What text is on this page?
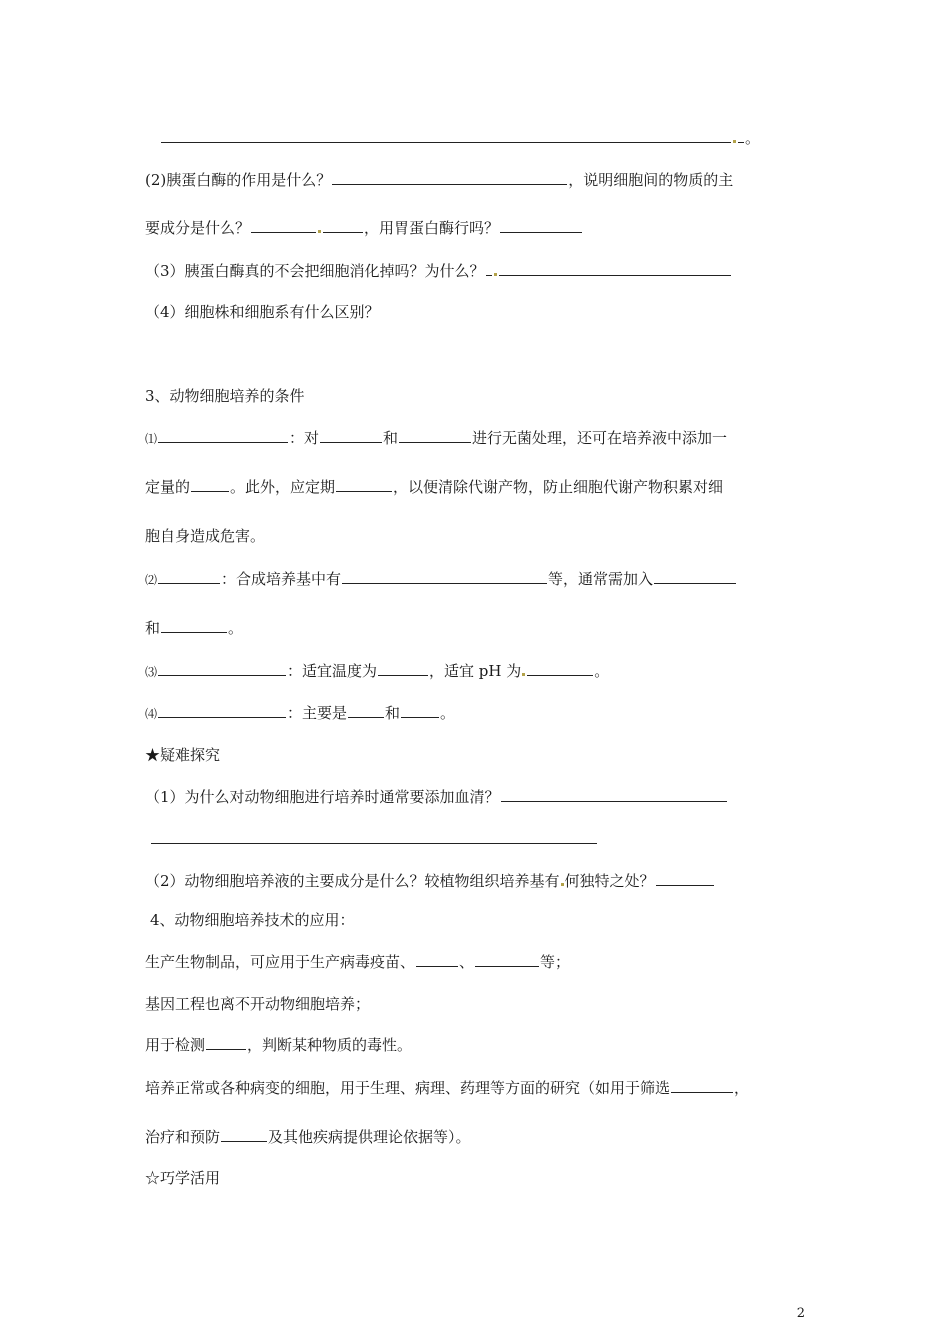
。
(2)胰蛋白酶的作用是什么？	，说明细胞间的物质的主
要成分是什么？	，用胃蛋白酶行吗？
（3）胰蛋白酶真的不会把细胞消化掉吗？为什么？
（4）细胞株和细胞系有什么区别？
3、动物细胞培养的条件
⑴	：对	和	进行无菌处理，还可在培养液中添加一
定量的	。此外，应定期	，以便清除代谢产物，防止细胞代谢产物积累对细
胞自身造成危害。
⑵	：合成培养基中有	等，通常需加入
和	。
⑶	：适宜温度为	，适宜 pH 为	。
⑷	：主要是	和	。
★疑难探究
（1）为什么对动物细胞进行培养时通常要添加血清？
（2）动物细胞培养液的主要成分是什么？较植物组织培养基有 何独特之处？
4、动物细胞培养技术的应用：
生产生物制品，可应用于生产病毒疫苗、	、	等；
基因工程也离不开动物细胞培养；
用于检测	，判断某种物质的毒性。
培养正常或各种病变的细胞，用于生理、病理、药理等方面的研究（如用于筛选	，
治疗和预防	及其他疾病提供理论依据等）。
☆巧学活用
2
